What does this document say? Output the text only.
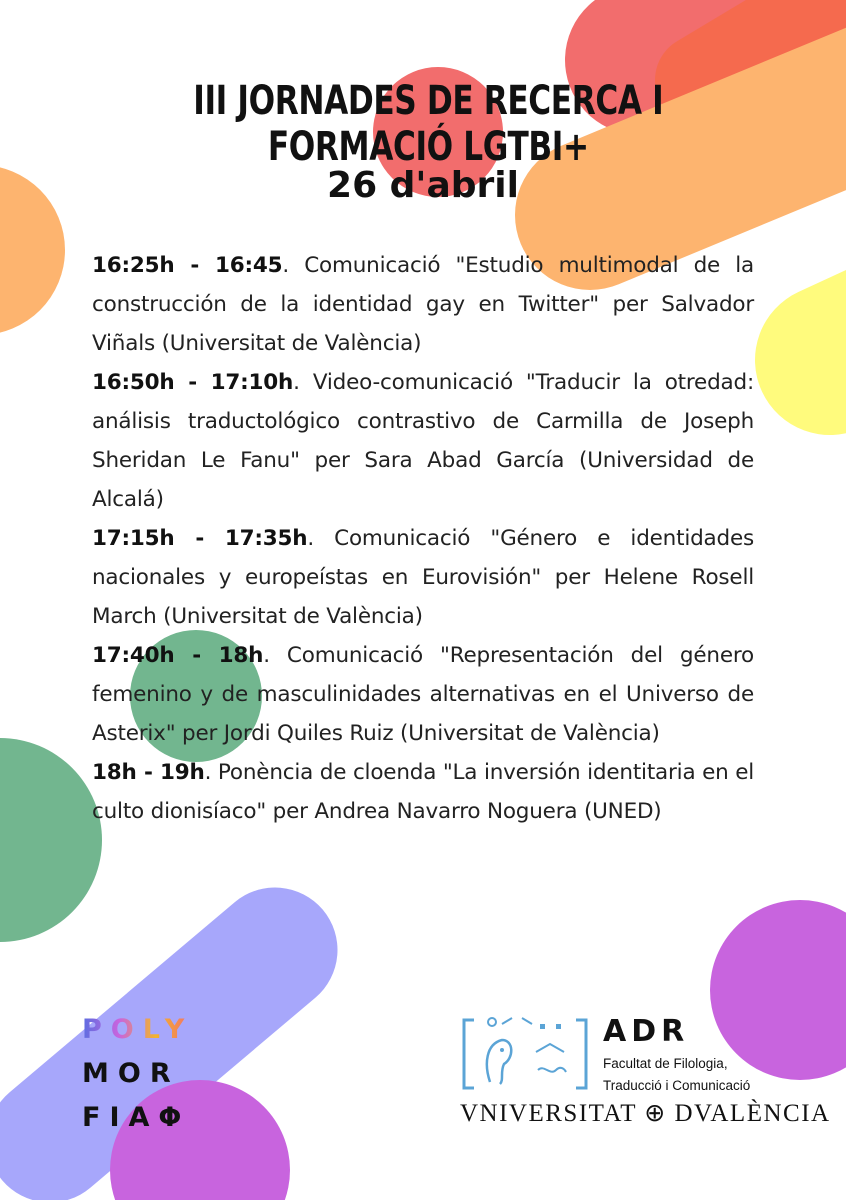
III JORNADES DE RECERCA I FORMACIÓ LGTBI+
26 d'abril

16:25h - 16:45. Comunicació "Estudio multimodal de la construcción de la identidad gay en Twitter" per Salvador Viñals (Universitat de València)

16:50h - 17:10h. Video-comunicació "Traducir la otredad: análisis traductológico contrastivo de Carmilla de Joseph Sheridan Le Fanu" per Sara Abad García (Universidad de Alcalá)

17:15h - 17:35h. Comunicació "Género e identidades nacionales y europeístas en Eurovisión" per Helene Rosell March (Universitat de València)

17:40h - 18h. Comunicació "Representación del género femenino y de masculinidades alternativas en el Universo de Asterix" per Jordi Quiles Ruiz (Universitat de València)

18h - 19h. Ponència de cloenda "La inversión identitaria en el culto dionisíaco" per Andrea Navarro Noguera (UNED)

POLY
MOR
FIAΦ
ADR
Facultat de Filologia,
Traducció i Comunicació
VNIVERSITAT ⊕ DVALÈNCIA
